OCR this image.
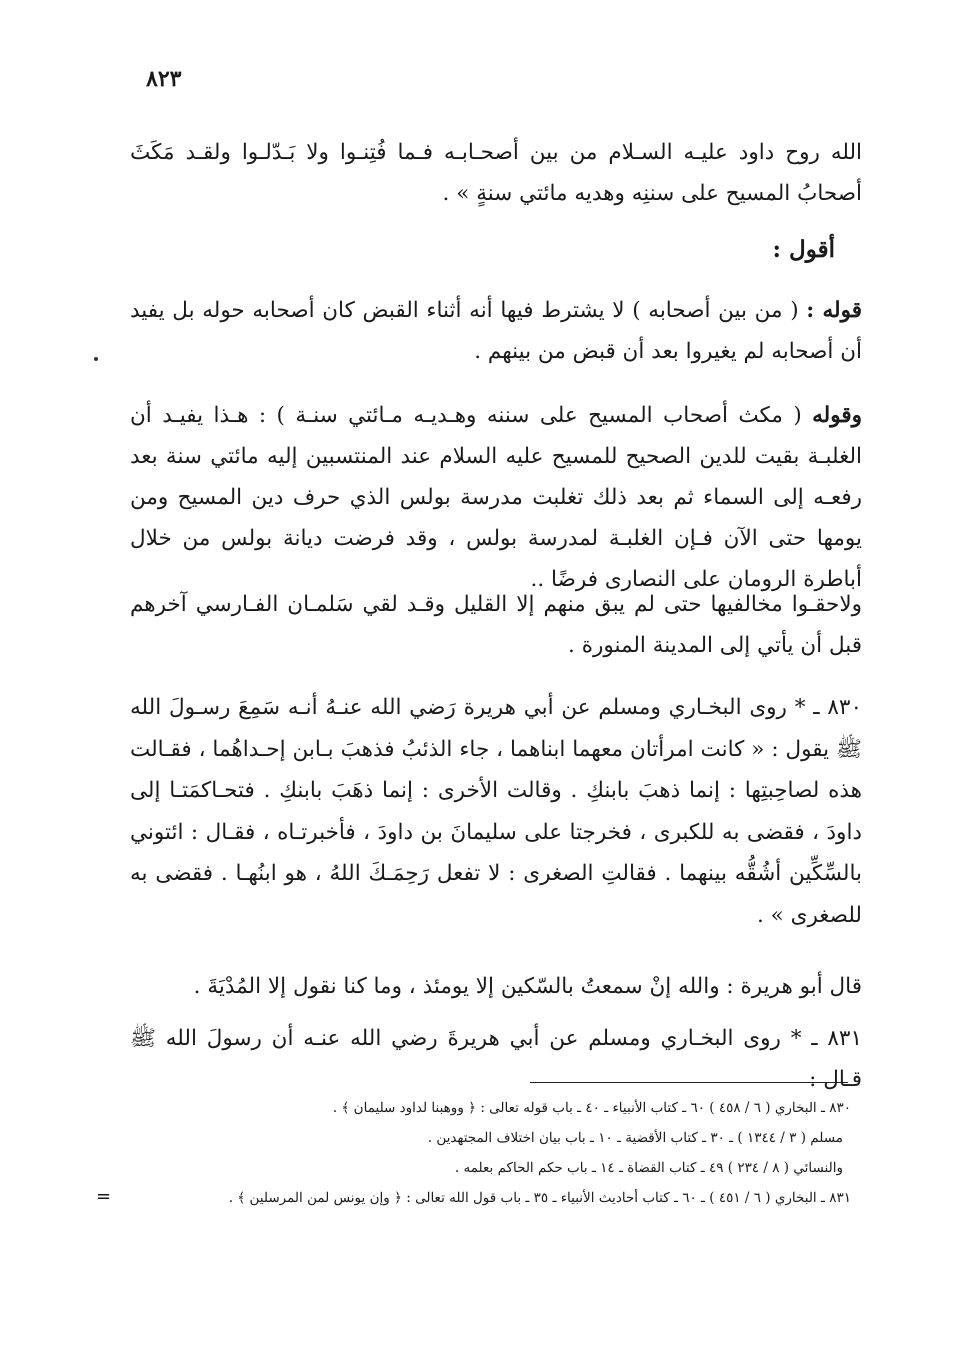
٨٢٣

الله روح داود عليـه السـلام من بين أصحـابـه فـما فُتِنـوا ولا بَـدّلـوا ولقـد مَكَثَ أصحابُ المسيح على سننِه وهديه مائتي سنةٍ » .

أقول :

قوله : ( من بين أصحابه ) لا يشترط فيها أنه أثناء القبض كان أصحابه حوله بل يفيد أن أصحابه لم يغيروا بعد أن قبض من بينهم .

وقوله ( مكث أصحاب المسيح على سننه وهـديـه مـائتي سنـة ) : هـذا يفيـد أن الغلبـة بقيت للدين الصحيح للمسيح عليه السلام عند المنتسبين إليه مائتي سنة بعد رفعـه إلى السماء ثم بعد ذلك تغلبت مدرسة بولس الذي حرف دين المسيح ومن يومها حتى الآن فـإن الغلبـة لمدرسة بولس ، وقد فرضت ديانة بولس من خلال أباطرة الرومان على النصارى فرضًا ..

ولاحقـوا مخالفيها حتى لم يبق منهم إلا القليل وقـد لقي سَلمـان الفـارسي آخرهم قبل أن يأتي إلى المدينة المنورة .

٨٣٠ ـ * روى البخـاري ومسلم عن أبي هريرة رَضي الله عنـهُ أنـه سَمِعَ رسـولَ الله ﷺ يقول : « كانت امرأتان معهما ابناهما ، جاء الذئبُ فذهبَ بـابن إحـداهُما ، فقـالت هذه لصاحِبتِها : إنما ذهبَ بابنكِ . وقالت الأخرى : إنما ذهَبَ بابنكِ . فتحـاكمَتـا إلى داودَ ، فقضى به للكبرى ، فخرجتا على سليمانَ بن داودَ ، فأخبرتـاه ، فقـال : ائتوني بالسِّكِّين أشُقُّه بينهما . فقالتِ الصغرى : لا تفعل رَحِمَـكَ اللهُ ، هو ابنُهـا . فقضى به للصغرى » .

قال أبو هريرة : والله إنْ سمعتُ بالسّكين إلا يومئذ ، وما كنا نقول إلا المُدْيَةَ .

٨٣١ ـ * روى البخـاري ومسلم عن أبي هريرةَ رضي الله عنـه أن رسولَ الله ﷺ قـال :

٨٣٠ ـ البخاري ( ٦ / ٤٥٨ ) ٦٠ ـ كتاب الأنبياء ـ ٤٠ ـ باب قوله تعالى : ﴿ ووهبنا لداود سليمان ﴾ .
مسلم ( ٣ / ١٣٤٤ ) ـ ٣٠ ـ كتاب الأقضية ـ ١٠ ـ باب بيان اختلاف المجتهدين .
والنسائي ( ٨ / ٢٣٤ ) ٤٩ ـ كتاب القضاة ـ ١٤ ـ باب حكم الحاكم بعلمه .
٨٣١ ـ البخاري ( ٦ / ٤٥١ ) ـ ٦٠ ـ كتاب أحاديث الأنبياء ـ ٣٥ ـ باب قول الله تعالى : ﴿ وإن يونس لمن المرسلين ﴾ .
=
